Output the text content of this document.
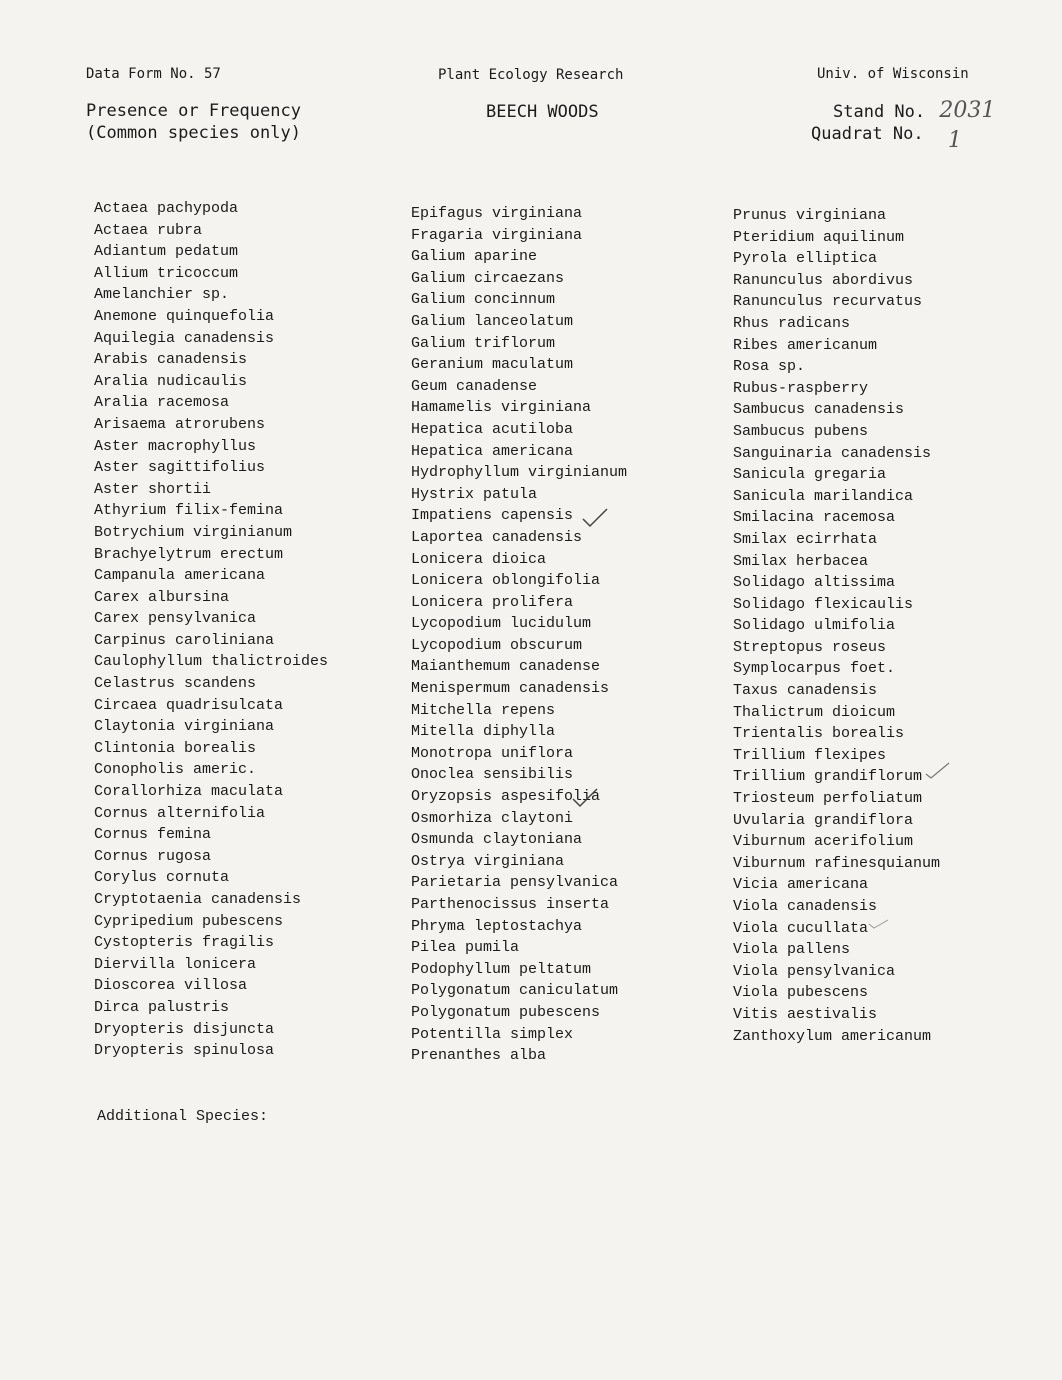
Data Form No. 57	Plant Ecology Research	Univ. of Wisconsin
Presence or Frequency
(Common species only)
BEECH WOODS	Stand No. 2031
Quadrat No. 1
Actaea pachypoda
Actaea rubra
Adiantum pedatum
Allium tricoccum
Amelanchier sp.
Anemone quinquefolia
Aquilegia canadensis
Arabis canadensis
Aralia nudicaulis
Aralia racemosa
Arisaema atrorubens
Aster macrophyllus
Aster sagittifolius
Aster shortii
Athyrium filix-femina
Botrychium virginianum
Brachyelytrum erectum
Campanula americana
Carex albursina
Carex pensylvanica
Carpinus caroliniana
Caulophyllum thalictroides
Celastrus scandens
Circaea quadrisulcata
Claytonia virginiana
Clintonia borealis
Conopholis americ.
Corallorhiza maculata
Cornus alternifolia
Cornus femina
Cornus rugosa
Corylus cornuta
Cryptotaenia canadensis
Cypripedium pubescens
Cystopteris fragilis
Diervilla lonicera
Dioscorea villosa
Dirca palustris
Dryopteris disjuncta
Dryopteris spinulosa
Epifagus virginiana
Fragaria virginiana
Galium aparine
Galium circaezans
Galium concinnum
Galium lanceolatum
Galium triflorum
Geranium maculatum
Geum canadense
Hamamelis virginiana
Hepatica acutiloba
Hepatica americana
Hydrophyllum virginianum
Hystrix patula
Impatiens capensis
Laportea canadensis
Lonicera dioica
Lonicera oblongifolia
Lonicera prolifera
Lycopodium lucidulum
Lycopodium obscurum
Maianthemum canadense
Menispermum canadensis
Mitchella repens
Mitella diphylla
Monotropa uniflora
Onoclea sensibilis
Oryzopsis aspesifolia
Osmorhiza claytoni
Osmunda claytoniana
Ostrya virginiana
Parietaria pensylvanica
Parthenocissus inserta
Phryma leptostachya
Pilea pumila
Podophyllum peltatum
Polygonatum caniculatum
Polygonatum pubescens
Potentilla simplex
Prenanthes alba
Prunus virginiana
Pteridium aquilinum
Pyrola elliptica
Ranunculus abordivus
Ranunculus recurvatus
Rhus radicans
Ribes americanum
Rosa sp.
Rubus-raspberry
Sambucus canadensis
Sambucus pubens
Sanguinaria canadensis
Sanicula gregaria
Sanicula marilandica
Smilacina racemosa
Smilax ecirrhata
Smilax herbacea
Solidago altissima
Solidago flexicaulis
Solidago ulmifolia
Streptopus roseus
Symplocarpus foet.
Taxus canadensis
Thalictrum dioicum
Trientalis borealis
Trillium flexipes
Trillium grandiflorum
Triosteum perfoliatum
Uvularia grandiflora
Viburnum acerifolium
Viburnum rafinesquianum
Vicia americana
Viola canadensis
Viola cucullata
Viola pallens
Viola pensylvanica
Viola pubescens
Vitis aestivalis
Zanthoxylum americanum
Additional Species:
